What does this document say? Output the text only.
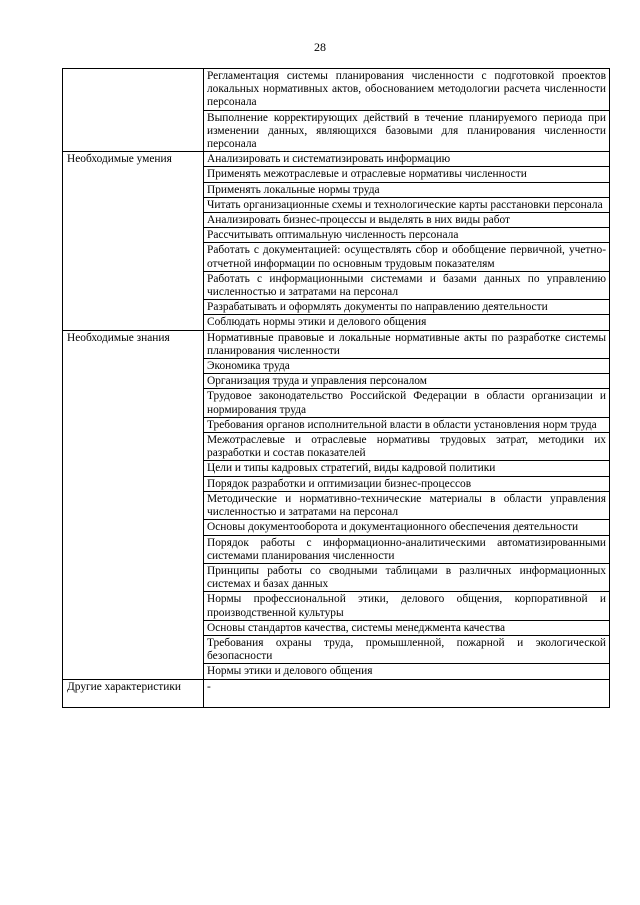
28
	Регламентация системы планирования численности с подготовкой проектов локальных нормативных актов, обоснованием методологии расчета численности персонала
	Выполнение корректирующих действий в течение планируемого периода при изменении данных, являющихся базовыми для планирования численности персонала
Необходимые умения	Анализировать и систематизировать информацию
	Применять межотраслевые и отраслевые нормативы численности
	Применять локальные нормы труда
	Читать организационные схемы и технологические карты расстановки персонала
	Анализировать бизнес-процессы и выделять в них виды работ
	Рассчитывать оптимальную численность персонала
	Работать с документацией: осуществлять сбор и обобщение первичной, учетно-отчетной информации по основным трудовым показателям
	Работать с информационными системами и базами данных по управлению численностью и затратами на персонал
	Разрабатывать и оформлять документы по направлению деятельности
	Соблюдать нормы этики и делового общения
Необходимые знания	Нормативные правовые и локальные нормативные акты по разработке системы планирования численности
	Экономика труда
	Организация труда и управления персоналом
	Трудовое законодательство Российской Федерации в области организации и нормирования труда
	Требования органов исполнительной власти в области установления норм труда
	Межотраслевые и отраслевые нормативы трудовых затрат, методики их разработки и состав показателей
	Цели и типы кадровых стратегий, виды кадровой политики
	Порядок разработки и оптимизации бизнес-процессов
	Методические и нормативно-технические материалы в области управления численностью и затратами на персонал
	Основы документооборота и документационного обеспечения деятельности
	Порядок работы с информационно-аналитическими автоматизированными системами планирования численности
	Принципы работы со сводными таблицами в различных информационных системах и базах данных
	Нормы профессиональной этики, делового общения, корпоративной и производственной культуры
	Основы стандартов качества, системы менеджмента качества
	Требования охраны труда, промышленной, пожарной и экологической безопасности
	Нормы этики и делового общения
Другие характеристики	-
